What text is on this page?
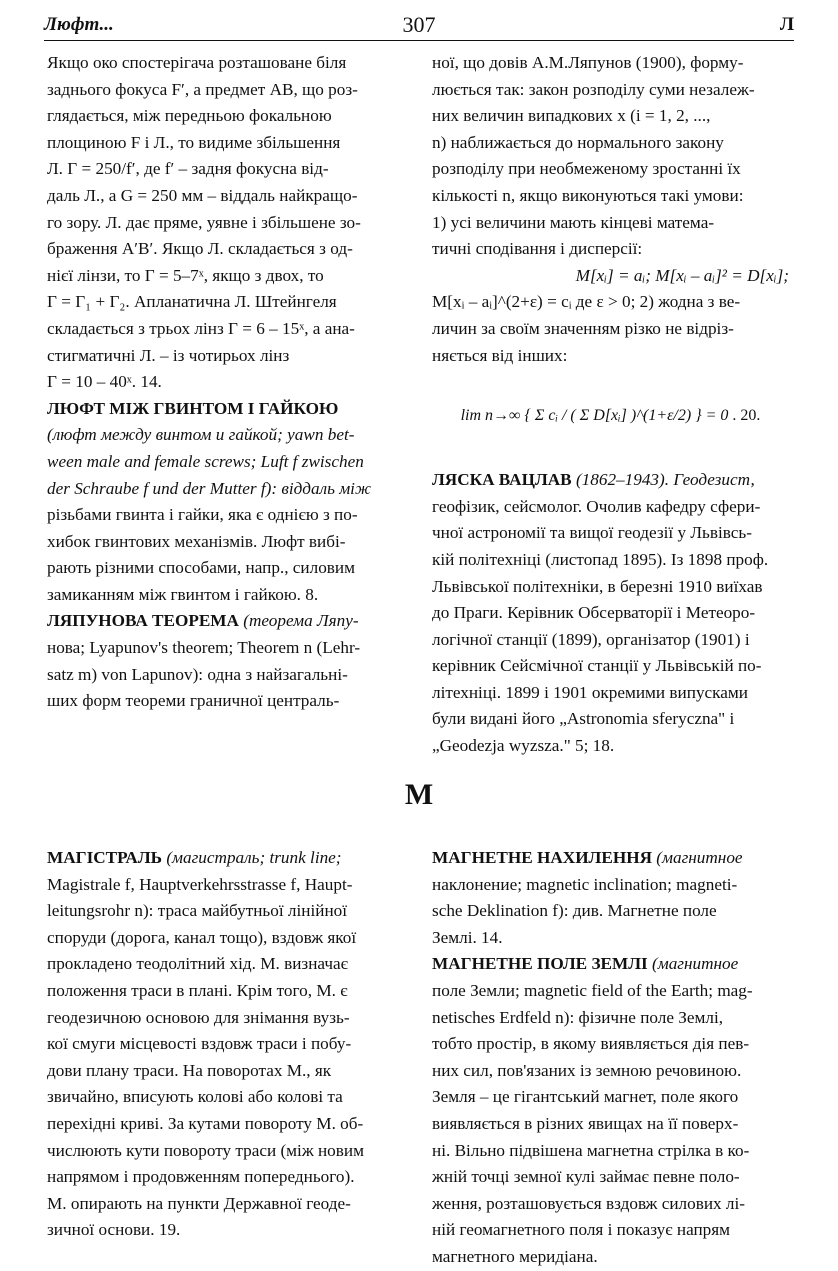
Люфт...	307	Л

Якщо око спостерігача розташоване біля

заднього фокуса F′, а предмет AB, що роз-

глядається, між передньою фокальною

площиною F і Л., то видиме збільшення

Л. Г = 250/f′, де f′ – задня фокусна від-

даль Л., а G = 250 мм – віддаль найкращо-

го зору. Л. дає пряме, уявне і збільшене зо-

браження A′B′. Якщо Л. складається з од-

нієї лінзи, то Г = 5–7ˣ, якщо з двох, то

Г = Г₁ + Г₂. Апланатична Л. Штейнгеля

складається з трьох лінз Г = 6 – 15ˣ, а ана-

стигматичні Л. – із чотирьох лінз

Г = 10 – 40ˣ. 14.

ЛЮФТ МІЖ ГВИНТОМ І ГАЙКОЮ

(люфт между винтом и гайкой; yawn bet-

ween male and female screws; Luft f zwischen

der Schraube f und der Mutter f): віддаль між

різьбами гвинта і гайки, яка є однією з по-

хибок гвинтових механізмів. Люфт вибі-

рають різними способами, напр., силовим

замиканням між гвинтом і гайкою. 8.

ЛЯПУНОВА ТЕОРЕМА (теорема Ляпу-

нова; Lyapunov's theorem; Theorem n (Lehr-

satz m) von Lapunov): одна з найзагальні-

ших форм теореми граничної централь-

ної, що довів А.М.Ляпунов (1900), форму-

люється так: закон розподілу суми незалеж-

них величин випадкових x (i = 1, 2, ...,

n) наближається до нормального закону

розподілу при необмеженому зростанні їх

кількості n, якщо виконуються такі умови:

1) усі величини мають кінцеві матема-

тичні сподівання і дисперсії:

M[xᵢ] = aᵢ; M[xᵢ – aᵢ]² = D[xᵢ];

M[xᵢ – aᵢ]^(2+ε) = cᵢ де ε > 0; 2) жодна з ве-

личин за своїм значенням різко не відріз-

няється від інших:

lim n→∞ { Σ cᵢ / ( Σ D[xᵢ] )^(1+ε/2) } = 0 . 20.

ЛЯСКА ВАЦЛАВ (1862–1943). Геодезист,

геофізик, сейсмолог. Очолив кафедру сфери-

чної астрономії та вищої геодезії у Львівсь-

кій політехніці (листопад 1895). Із 1898 проф.

Львівської політехніки, в березні 1910 виїхав

до Праги. Керівник Обсерваторії і Метеоро-

логічної станції (1899), організатор (1901) і

керівник Сейсмічної станції у Львівській по-

літехніці. 1899 і 1901 окремими випусками

були видані його „Astronomia sferyczna" і

„Geodezja wyzsza." 5; 18.

М

МАГІСТРАЛЬ (магистраль; trunk line;

Magistrale f, Hauptverkehrsstrasse f, Haupt-

leitungsrohr n): траса майбутньої лінійної

споруди (дорога, канал тощо), вздовж якої

прокладено теодолітний хід. М. визначає

положення траси в плані. Крім того, М. є

геодезичною основою для знімання вузь-

кої смуги місцевості вздовж траси і побу-

дови плану траси. На поворотах М., як

звичайно, вписують колові або колові та

перехідні криві. За кутами повороту М. об-

числюють кути повороту траси (між новим

напрямом і продовженням попереднього).

М. опирають на пункти Державної геоде-

зичної основи. 19.

МАГНЕТНЕ НАХИЛЕННЯ (магнитное

наклонение; magnetic inclination; magneti-

sche Deklination f): див. Магнетне поле

Землі. 14.

МАГНЕТНЕ ПОЛЕ ЗЕМЛІ (магнитное

поле Земли; magnetic field of the Earth; mag-

netisches Erdfeld n): фізичне поле Землі,

тобто простір, в якому виявляється дія пев-

них сил, пов'язаних із земною речовиною.

Земля – це гігантський магнет, поле якого

виявляється в різних явищах на її поверх-

ні. Вільно підвішена магнетна стрілка в ко-

жній точці земної кулі займає певне поло-

ження, розташовується вздовж силових лі-

ній геомагнетного поля і показує напрям

магнетного меридіана.
